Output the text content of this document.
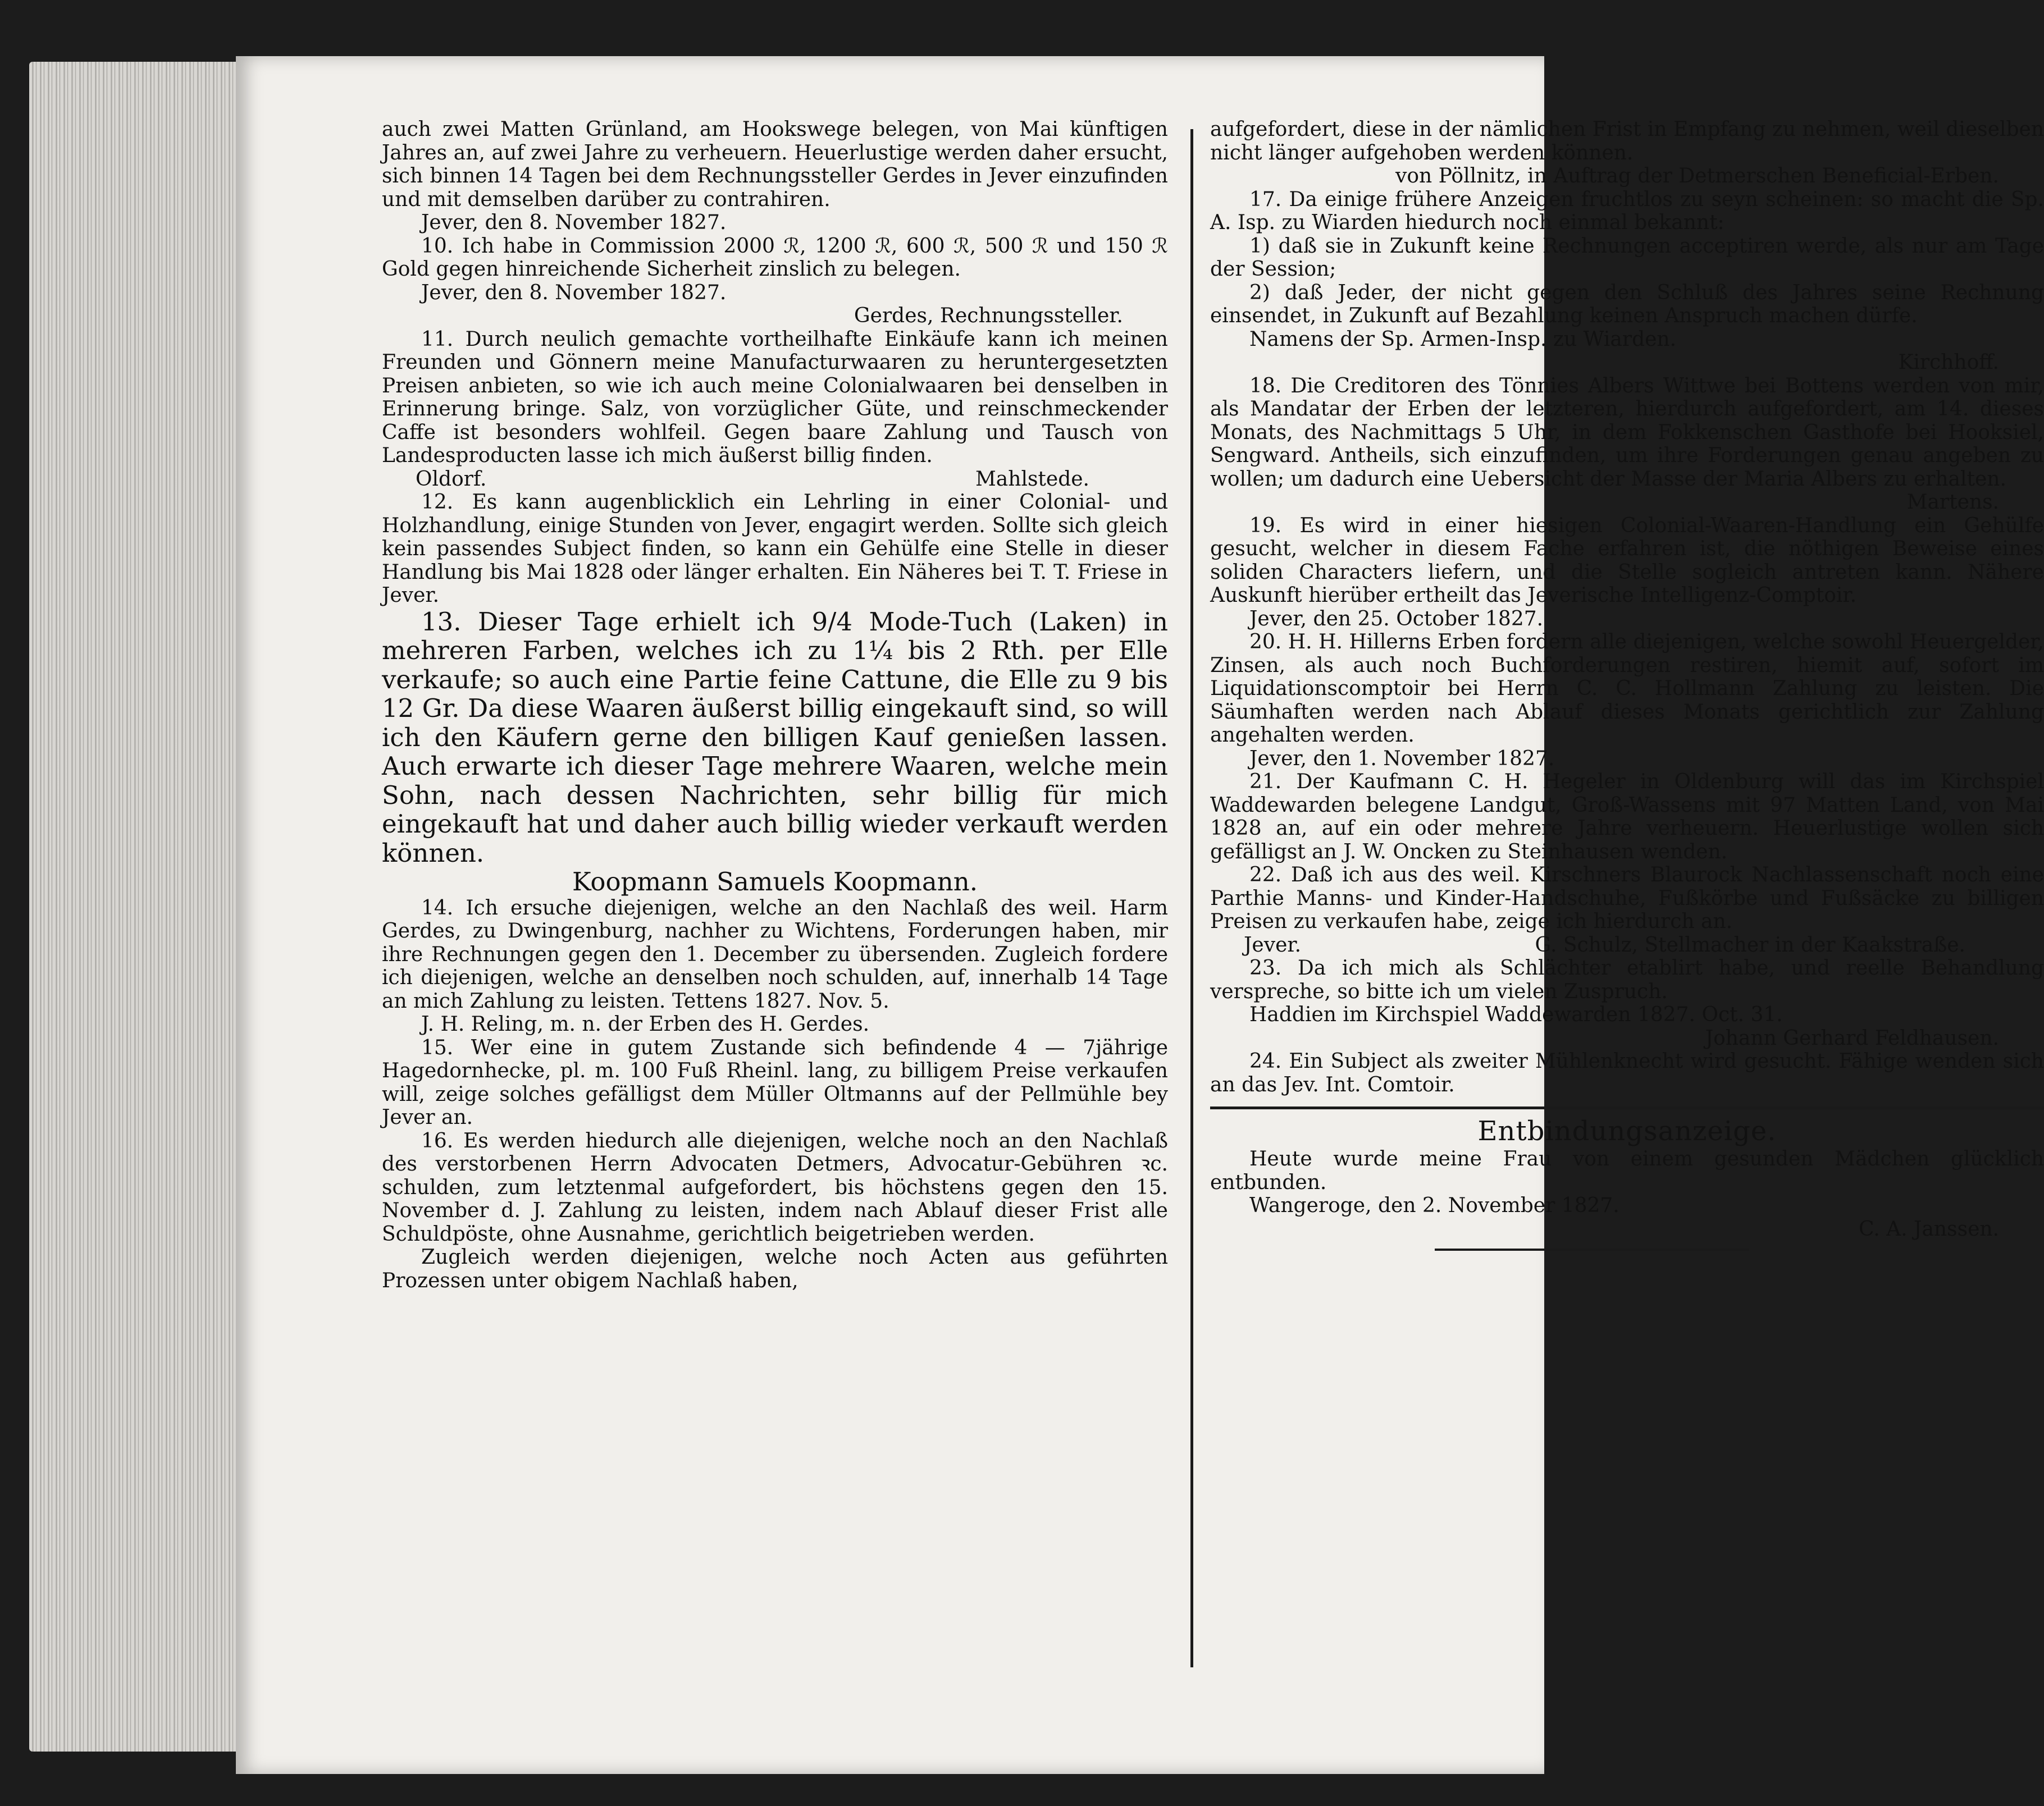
auch zwei Matten Grünland, am Hookswege belegen, von Mai künftigen Jahres an, auf zwei Jahre zu verheuern. Heuerlustige werden daher ersucht, sich binnen 14 Tagen bei dem Rechnungssteller Gerdes in Jever einzufinden und mit demselben darüber zu contrahiren.

Jever, den 8. November 1827.

10. Ich habe in Commission 2000 ℛ, 1200 ℛ, 600 ℛ, 500 ℛ und 150 ℛ Gold gegen hinreichende Sicherheit zinslich zu belegen.

Jever, den 8. November 1827.

Gerdes, Rechnungssteller.

11. Durch neulich gemachte vortheilhafte Einkäufe kann ich meinen Freunden und Gönnern meine Manufacturwaaren zu heruntergesetzten Preisen anbieten, so wie ich auch meine Colonialwaaren bei denselben in Erinnerung bringe. Salz, von vorzüglicher Güte, und reinschmeckender Caffe ist besonders wohlfeil. Gegen baare Zahlung und Tausch von Landesproducten lasse ich mich äußerst billig finden.

Oldorf.	Mahlstede.

12. Es kann augenblicklich ein Lehrling in einer Colonial- und Holzhandlung, einige Stunden von Jever, engagirt werden. Sollte sich gleich kein passendes Subject finden, so kann ein Gehülfe eine Stelle in dieser Handlung bis Mai 1828 oder länger erhalten. Ein Näheres bei T. T. Friese in Jever.

13. Dieser Tage erhielt ich 9/4 Mode-Tuch (Laken) in mehreren Farben, welches ich zu 1¼ bis 2 Rth. per Elle verkaufe; so auch eine Partie feine Cattune, die Elle zu 9 bis 12 Gr. Da diese Waaren äußerst billig eingekauft sind, so will ich den Käufern gerne den billigen Kauf genießen lassen. Auch erwarte ich dieser Tage mehrere Waaren, welche mein Sohn, nach dessen Nachrichten, sehr billig für mich eingekauft hat und daher auch billig wieder verkauft werden können.

Koopmann Samuels Koopmann.

14. Ich ersuche diejenigen, welche an den Nachlaß des weil. Harm Gerdes, zu Dwingenburg, nachher zu Wichtens, Forderungen haben, mir ihre Rechnungen gegen den 1. December zu übersenden. Zugleich fordere ich diejenigen, welche an denselben noch schulden, auf, innerhalb 14 Tage an mich Zahlung zu leisten. Tettens 1827. Nov. 5.

J. H. Reling, m. n. der Erben des H. Gerdes.

15. Wer eine in gutem Zustande sich befindende 4 — 7jährige Hagedornhecke, pl. m. 100 Fuß Rheinl. lang, zu billigem Preise verkaufen will, zeige solches gefälligst dem Müller Oltmanns auf der Pellmühle bey Jever an.

16. Es werden hiedurch alle diejenigen, welche noch an den Nachlaß des verstorbenen Herrn Advocaten Detmers, Advocatur-Gebühren ꝛc. schulden, zum letztenmal aufgefordert, bis höchstens gegen den 15. November d. J. Zahlung zu leisten, indem nach Ablauf dieser Frist alle Schuldpöste, ohne Ausnahme, gerichtlich beigetrieben werden.

Zugleich werden diejenigen, welche noch Acten aus geführten Prozessen unter obigem Nachlaß haben,

aufgefordert, diese in der nämlichen Frist in Empfang zu nehmen, weil dieselben nicht länger aufgehoben werden können.

von Pöllnitz, in Auftrag der Detmerschen Beneficial-Erben.

17. Da einige frühere Anzeigen fruchtlos zu seyn scheinen: so macht die Sp. A. Isp. zu Wiarden hiedurch noch einmal bekannt:

1) daß sie in Zukunft keine Rechnungen acceptiren werde, als nur am Tage der Session;

2) daß Jeder, der nicht gegen den Schluß des Jahres seine Rechnung einsendet, in Zukunft auf Bezahlung keinen Anspruch machen dürfe.

Namens der Sp. Armen-Insp. zu Wiarden.

Kirchhoff.

18. Die Creditoren des Tönnies Albers Wittwe bei Bottens werden von mir, als Mandatar der Erben der letzteren, hierdurch aufgefordert, am 14. dieses Monats, des Nachmittags 5 Uhr, in dem Fokkenschen Gasthofe bei Hooksiel, Sengward. Antheils, sich einzufinden, um ihre Forderungen genau angeben zu wollen; um dadurch eine Uebersicht der Masse der Maria Albers zu erhalten.

Martens.

19. Es wird in einer hiesigen Colonial-Waaren-Handlung ein Gehülfe gesucht, welcher in diesem Fache erfahren ist, die nöthigen Beweise eines soliden Characters liefern, und die Stelle sogleich antreten kann. Nähere Auskunft hierüber ertheilt das Jeverische Intelligenz-Comptoir.

Jever, den 25. October 1827.

20. H. H. Hillerns Erben fordern alle diejenigen, welche sowohl Heuergelder, Zinsen, als auch noch Buchforderungen restiren, hiemit auf, sofort im Liquidationscomptoir bei Herrn C. C. Hollmann Zahlung zu leisten. Die Säumhaften werden nach Ablauf dieses Monats gerichtlich zur Zahlung angehalten werden.

Jever, den 1. November 1827.

21. Der Kaufmann C. H. Hegeler in Oldenburg will das im Kirchspiel Waddewarden belegene Landgut, Groß-Wassens mit 97 Matten Land, von Mai 1828 an, auf ein oder mehrere Jahre verheuern. Heuerlustige wollen sich gefälligst an J. W. Oncken zu Steinhausen wenden.

22. Daß ich aus des weil. Kirschners Blaurock Nachlassenschaft noch eine Parthie Manns- und Kinder-Handschuhe, Fußkörbe und Fußsäcke zu billigen Preisen zu verkaufen habe, zeige ich hierdurch an.

Jever.	G. Schulz, Stellmacher in der Kaakstraße.

23. Da ich mich als Schlächter etablirt habe, und reelle Behandlung verspreche, so bitte ich um vielen Zuspruch.

Haddien im Kirchspiel Waddewarden 1827. Oct. 31.

Johann Gerhard Feldhausen.

24. Ein Subject als zweiter Mühlenknecht wird gesucht. Fähige wenden sich an das Jev. Int. Comtoir.

Entbindungsanzeige.

Heute wurde meine Frau von einem gesunden Mädchen glücklich entbunden.

Wangeroge, den 2. November 1827.

C. A. Janssen.
